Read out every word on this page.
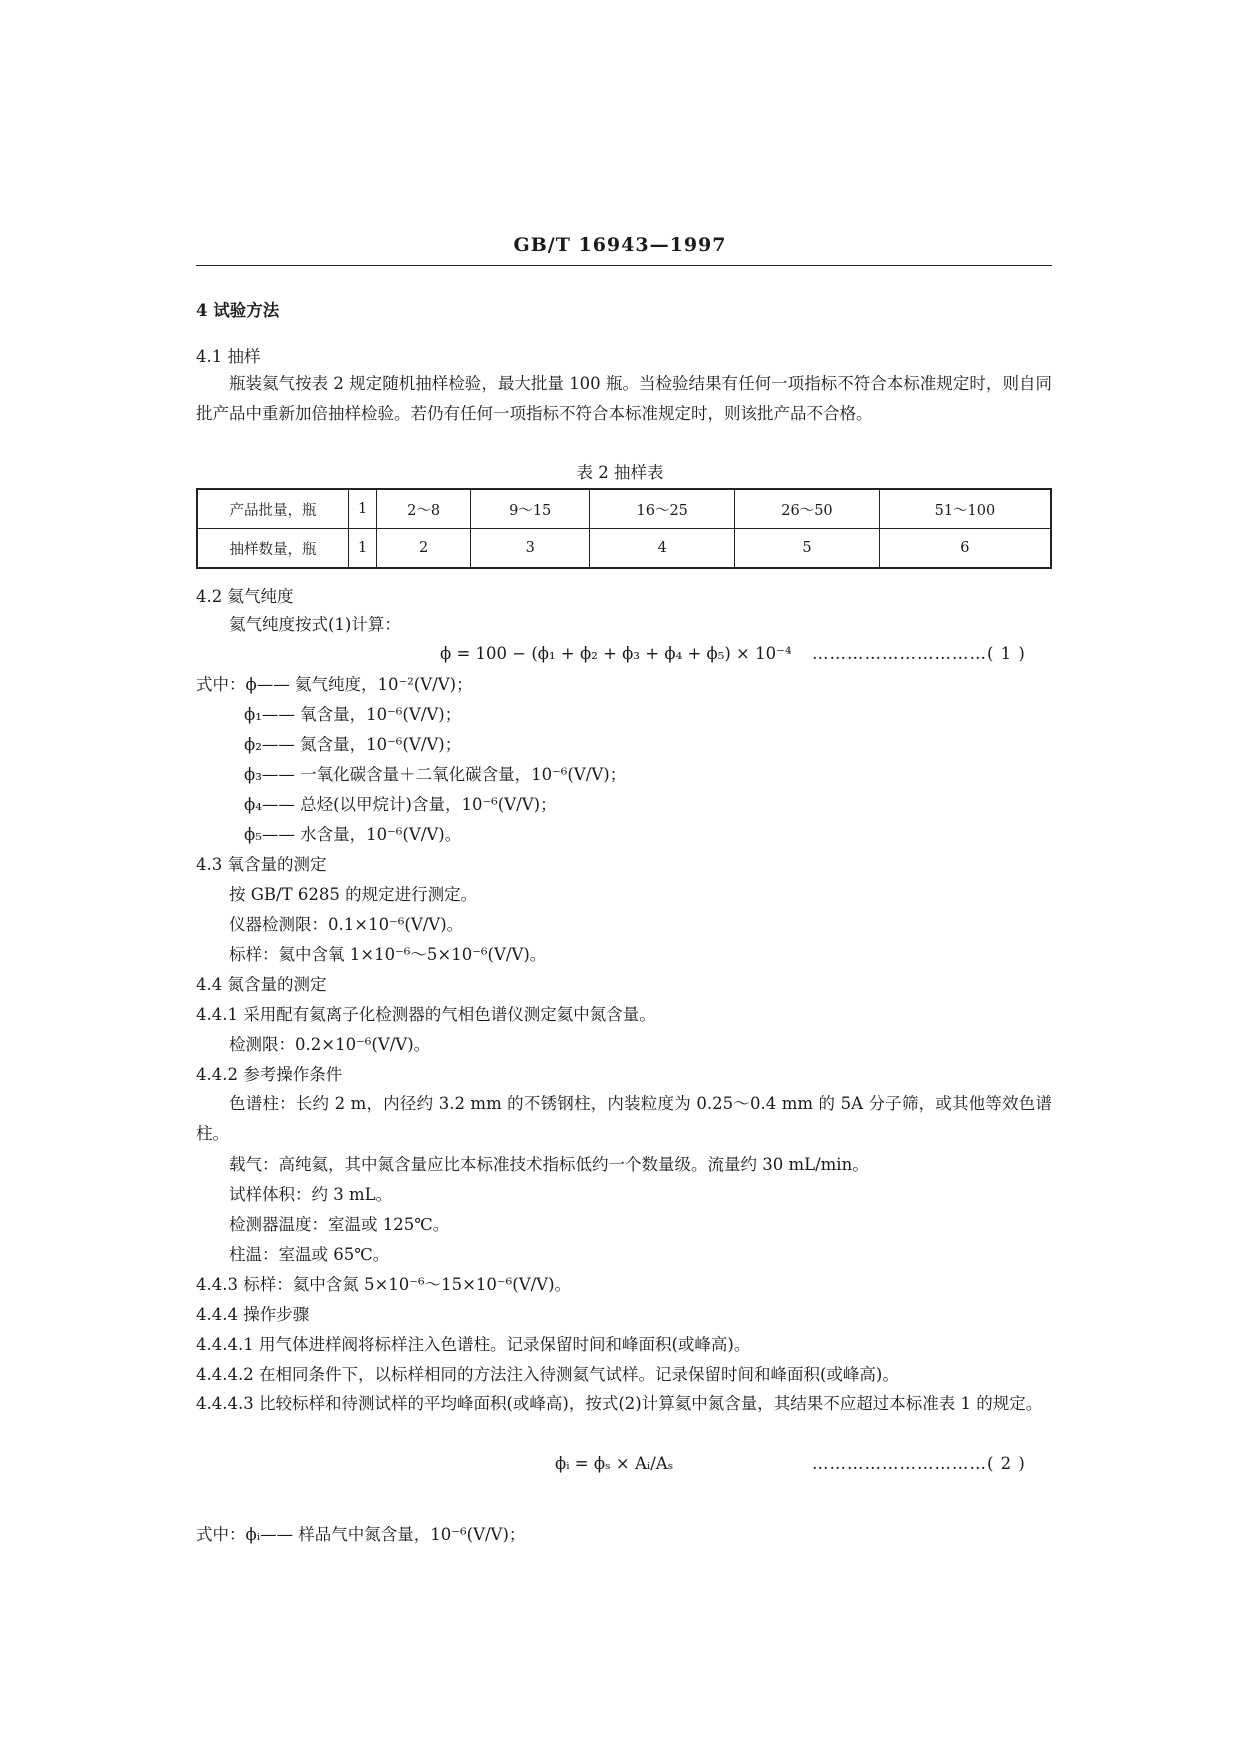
GB/T 16943—1997
4 试验方法
4.1 抽样
瓶装氦气按表 2 规定随机抽样检验，最大批量 100 瓶。当检验结果有任何一项指标不符合本标准规定时，则自同批产品中重新加倍抽样检验。若仍有任何一项指标不符合本标准规定时，则该批产品不合格。
表 2 抽样表
产品批量，瓶	1	2～8	9～15	16～25	26～50	51～100
抽样数量，瓶	1	2	3	4	5	6
4.2 氦气纯度
氦气纯度按式(1)计算：
ϕ = 100 − (ϕ₁ + ϕ₂ + ϕ₃ + ϕ₄ + ϕ₅) × 10⁻⁴ …………………………( 1 )
式中：ϕ—— 氦气纯度，10⁻²(V/V)；
ϕ₁—— 氧含量，10⁻⁶(V/V)；
ϕ₂—— 氮含量，10⁻⁶(V/V)；
ϕ₃—— 一氧化碳含量＋二氧化碳含量，10⁻⁶(V/V)；
ϕ₄—— 总烃(以甲烷计)含量，10⁻⁶(V/V)；
ϕ₅—— 水含量，10⁻⁶(V/V)。
4.3 氧含量的测定
按 GB/T 6285 的规定进行测定。
仪器检测限：0.1×10⁻⁶(V/V)。
标样：氦中含氧 1×10⁻⁶～5×10⁻⁶(V/V)。
4.4 氮含量的测定
4.4.1 采用配有氦离子化检测器的气相色谱仪测定氦中氮含量。
检测限：0.2×10⁻⁶(V/V)。
4.4.2 参考操作条件
色谱柱：长约 2 m，内径约 3.2 mm 的不锈钢柱，内装粒度为 0.25～0.4 mm 的 5A 分子筛，或其他等效色谱柱。
载气：高纯氦，其中氮含量应比本标准技术指标低约一个数量级。流量约 30 mL/min。
试样体积：约 3 mL。
检测器温度：室温或 125℃。
柱温：室温或 65℃。
4.4.3 标样：氦中含氮 5×10⁻⁶～15×10⁻⁶(V/V)。
4.4.4 操作步骤
4.4.4.1 用气体进样阀将标样注入色谱柱。记录保留时间和峰面积(或峰高)。
4.4.4.2 在相同条件下，以标样相同的方法注入待测氦气试样。记录保留时间和峰面积(或峰高)。
4.4.4.3 比较标样和待测试样的平均峰面积(或峰高)，按式(2)计算氦中氮含量，其结果不应超过本标准表 1 的规定。
ϕᵢ = ϕₛ × Aᵢ/Aₛ	…………………………( 2 )
式中：ϕᵢ—— 样品气中氮含量，10⁻⁶(V/V)；
